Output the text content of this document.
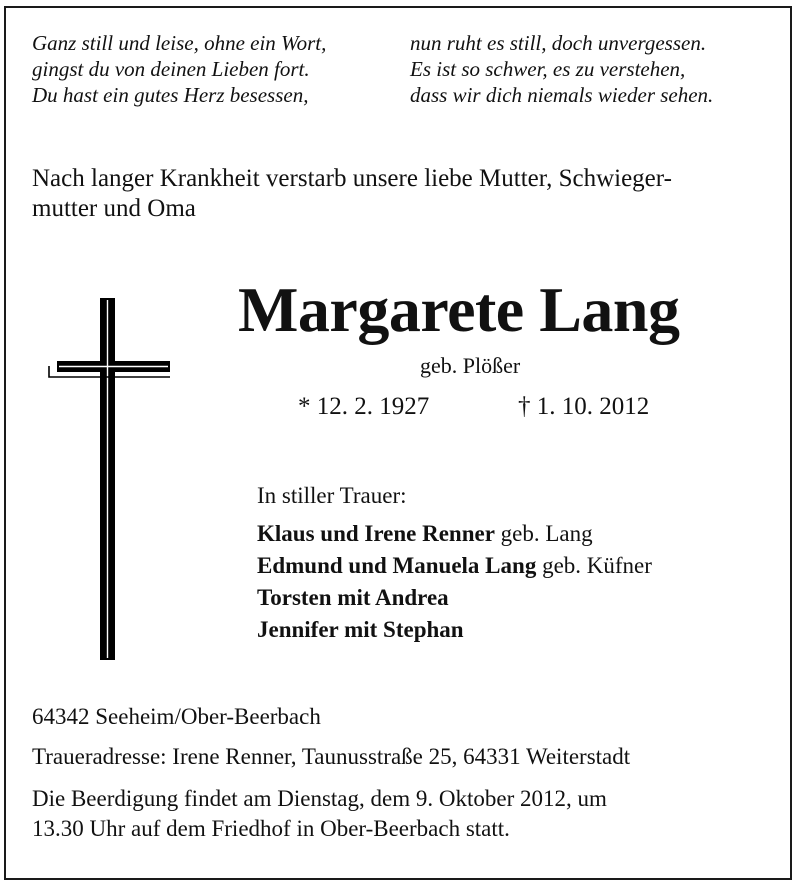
Ganz still und leise, ohne ein Wort,
gingst du von deinen Lieben fort.
Du hast ein gutes Herz besessen,
nun ruht es still, doch unvergessen.
Es ist so schwer, es zu verstehen,
dass wir dich niemals wieder sehen.
Nach langer Krankheit verstarb unsere liebe Mutter, Schwieger-
mutter und Oma
Margarete Lang
geb. Plößer
* 12. 2. 1927	† 1. 10. 2012
In stiller Trauer:
Klaus und Irene Renner geb. Lang
Edmund und Manuela Lang geb. Küfner
Torsten mit Andrea
Jennifer mit Stephan
64342 Seeheim/Ober-Beerbach
Traueradresse: Irene Renner, Taunusstraße 25, 64331 Weiterstadt
Die Beerdigung findet am Dienstag, dem 9. Oktober 2012, um
13.30 Uhr auf dem Friedhof in Ober-Beerbach statt.
